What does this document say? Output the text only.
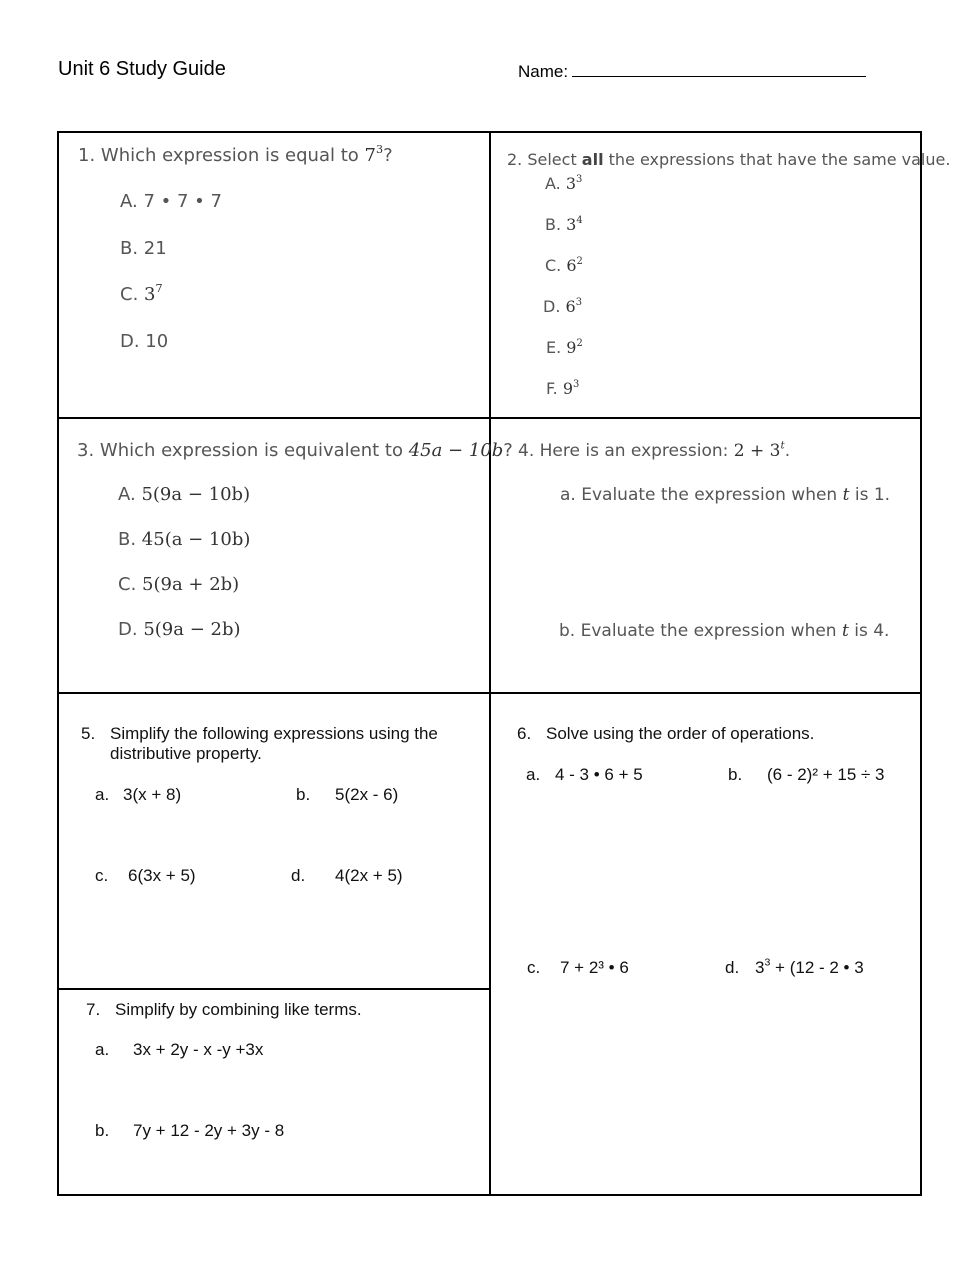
Unit 6 Study Guide	Name:
1. Which expression is equal to $7^3$?
A. 7 • 7 • 7
B. 21
C. $3^7$
D. 10
2. Select all the expressions that have the same value.
A. $3^3$
B. $3^4$
C. $6^2$
D. $6^3$
E. $9^2$
F. $9^3$
3. Which expression is equivalent to 45a − 10b?
A. 5(9a − 10b)
B. 45(a − 10b)
C. 5(9a + 2b)
D. 5(9a − 2b)
4. Here is an expression: $2 + 3^t$.
a. Evaluate the expression when t is 1.
b. Evaluate the expression when t is 4.
5. Simplify the following expressions using the
distributive property.
a. 3(x + 8)	b. 5(2x - 6)
c. 6(3x + 5)	d. 4(2x + 5)
6. Solve using the order of operations.
a. 4 - 3 • 6 + 5	b. (6 - 2)² + 15 ÷ 3
c. 7 + 2³ • 6	d. $3^3 + (12 - 2$ • 3
7. Simplify by combining like terms.
a. 3x + 2y - x -y +3x
b. 7y + 12 - 2y + 3y - 8
